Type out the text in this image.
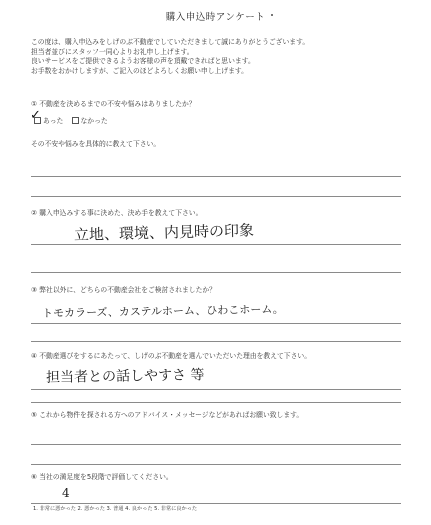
購入申込時アンケート
この度は、購入申込みをしげのぶ不動産でしていただきまして誠にありがとうございます。
担当者並びにスタッフ一同心よりお礼申し上げます。
良いサービスをご提供できるようお客様の声を頂戴できればと思います。
お手数をおかけしますが、ご記入のほどよろしくお願い申し上げます。
① 不動産を決めるまでの不安や悩みはありましたか？
✓ あった	なかった
その不安や悩みを具体的に教えて下さい。
② 購入申込みする事に決めた、決め手を教えて下さい。
立地、環境、内見時の印象
③ 弊社以外に、どちらの不動産会社をご検討されましたか？
トモカラーズ、カステルホーム、ひわこホーム。
④ 不動産選びをするにあたって、しげのぶ不動産を選んでいただいた理由を教えて下さい。
担当者との話しやすさ 等
⑤ これから物件を探される方へのアドバイス・メッセージなどがあればお願い致します。
⑥ 当社の満足度を5段階で評価してください。
4
1. 非常に悪かった 2. 悪かった 3. 普通 4. 良かった 5. 非常に良かった
